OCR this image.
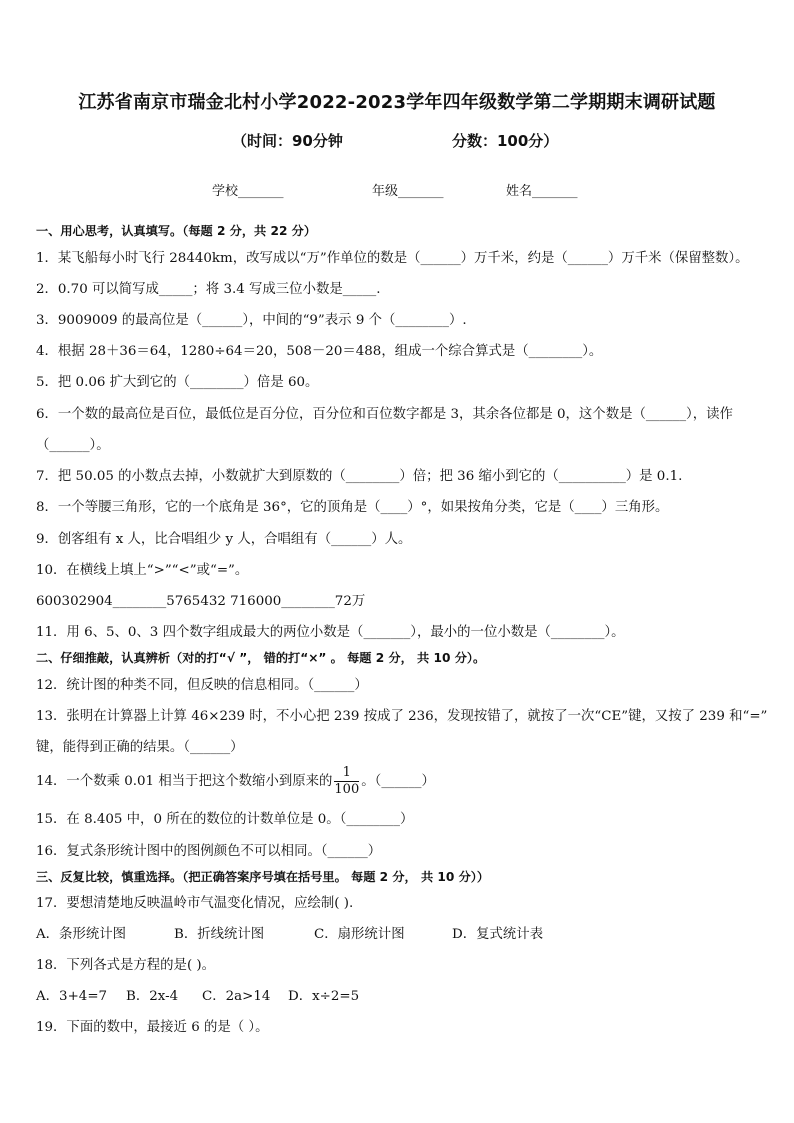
江苏省南京市瑞金北村小学2022-2023学年四年级数学第二学期期末调研试题
（时间：90分钟	分数：100分）
学校_______	年级_______	姓名_______
一、用心思考，认真填写。（每题 2 分，共 22 分）
1．某飞船每小时飞行 28440km，改写成以“万”作单位的数是（______）万千米，约是（______）万千米（保留整数）。
2．0.70 可以简写成_____；将 3.4 写成三位小数是_____.
3．9009009 的最高位是（______），中间的“9”表示 9 个（________）.
4．根据 28＋36＝64，1280÷64＝20，508－20＝488，组成一个综合算式是（________）。
5．把 0.06 扩大到它的（________）倍是 60。
6．一个数的最高位是百位，最低位是百分位，百分位和百位数字都是 3，其余各位都是 0，这个数是（______），读作
（______）。
7．把 50.05 的小数点去掉，小数就扩大到原数的（________）倍；把 36 缩小到它的（__________）是 0.1.
8．一个等腰三角形，它的一个底角是 36°，它的顶角是（____）°，如果按角分类，它是（____）三角形。
9．创客组有 x 人，比合唱组少 y 人，合唱组有（______）人。
10．在横线上填上“>”“<”或“=”。
600302904________5765432 716000________72万
11．用 6、5、0、3 四个数字组成最大的两位小数是（_______），最小的一位小数是（________）。
二、仔细推敲，认真辨析（对的打“√ ”， 错的打“×” 。 每题 2 分， 共 10 分）。
12．统计图的种类不同，但反映的信息相同。（______）
13．张明在计算器上计算 46×239 时，不小心把 239 按成了 236，发现按错了，就按了一次“CE”键，又按了 239 和“=”
键，能得到正确的结果。（______）
14．一个数乘 0.01 相当于把这个数缩小到原来的 $\frac{1}{100}$ 。（______）
15．在 8.405 中，0 所在的数位的计数单位是 0。（________）
16．复式条形统计图中的图例颜色不可以相同。（______）
三、反复比较，慎重选择。（把正确答案序号填在括号里。 每题 2 分， 共 10 分））
17．要想清楚地反映温岭市气温变化情况，应绘制( ).
A．条形统计图	B．折线统计图	C．扇形统计图	D．复式统计表
18．下列各式是方程的是( )。
A．3+4=7 B．2x-4 C．2a>14 D．x÷2=5
19．下面的数中，最接近 6 的是（ ）。
